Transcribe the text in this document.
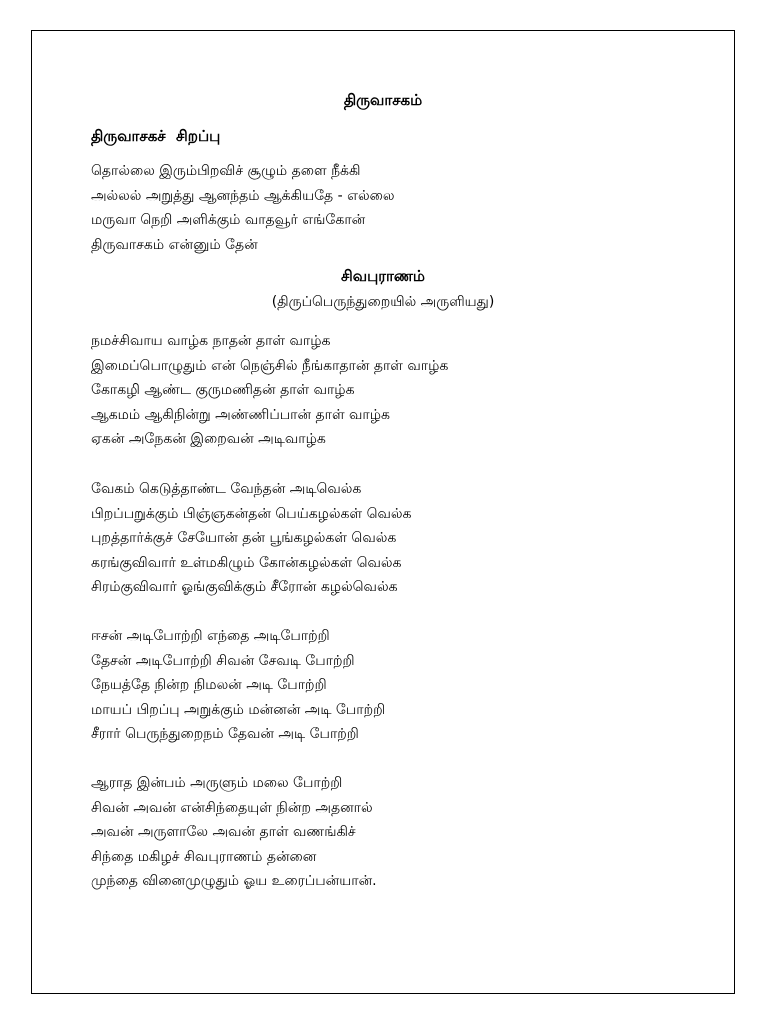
திருவாசகம்
திருவாசகச்  சிறப்பு
தொல்லை இரும்பிறவிச் சூழும் தளை நீக்கி
அல்லல் அறுத்து ஆனந்தம் ஆக்கியதே - எல்லை
மருவா நெறி அளிக்கும் வாதவூர் எங்கோன்
திருவாசகம் என்னும் தேன்
சிவபுராணம்

(திருப்பெருந்துறையில் அருளியது)

நமச்சிவாய வாழ்க நாதன் தாள் வாழ்க
இமைப்பொழுதும் என் நெஞ்சில் நீங்காதான் தாள் வாழ்க
கோகழி ஆண்ட குருமணிதன் தாள் வாழ்க
ஆகமம் ஆகிநின்று அண்ணிப்பான் தாள் வாழ்க
ஏகன் அநேகன் இறைவன் அடிவாழ்க
வேகம் கெடுத்தாண்ட வேந்தன் அடிவெல்க
பிறப்பறுக்கும் பிஞ்ஞகன்தன் பெய்கழல்கள் வெல்க
புறத்தார்க்குச் சேயோன் தன் பூங்கழல்கள் வெல்க
கரங்குவிவார் உள்மகிழும் கோன்கழல்கள் வெல்க
சிரம்குவிவார் ஓங்குவிக்கும் சீரோன் கழல்வெல்க
ஈசன் அடிபோற்றி எந்தை அடிபோற்றி
தேசன் அடிபோற்றி சிவன் சேவடி போற்றி
நேயத்தே நின்ற நிமலன் அடி போற்றி
மாயப் பிறப்பு அறுக்கும் மன்னன் அடி போற்றி
சீரார் பெருந்துறைநம் தேவன் அடி போற்றி
ஆராத இன்பம் அருளும் மலை போற்றி
சிவன் அவன் என்சிந்தையுள் நின்ற அதனால்
அவன் அருளாலே அவன் தாள் வணங்கிச்
சிந்தை மகிழச் சிவபுராணம் தன்னை
முந்தை வினைமுழுதும் ஓய உரைப்பன்யான்.
